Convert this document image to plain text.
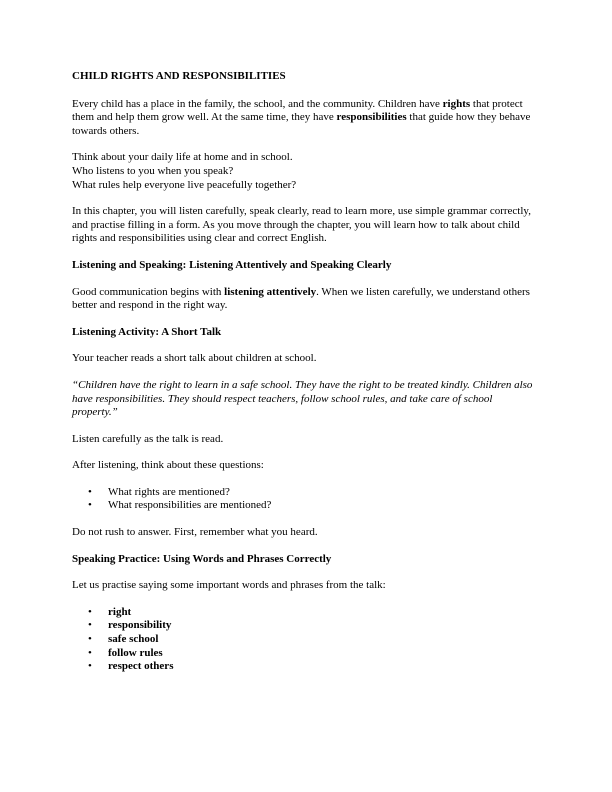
CHILD RIGHTS AND RESPONSIBILITIES

Every child has a place in the family, the school, and the community. Children have rights that protect them and help them grow well. At the same time, they have responsibilities that guide how they behave towards others.

Think about your daily life at home and in school.
Who listens to you when you speak?
What rules help everyone live peacefully together?

In this chapter, you will listen carefully, speak clearly, read to learn more, use simple grammar correctly, and practise filling in a form. As you move through the chapter, you will learn how to talk about child rights and responsibilities using clear and correct English.

Listening and Speaking: Listening Attentively and Speaking Clearly

Good communication begins with listening attentively. When we listen carefully, we understand others better and respond in the right way.

Listening Activity: A Short Talk

Your teacher reads a short talk about children at school.

“Children have the right to learn in a safe school. They have the right to be treated kindly. Children also have responsibilities. They should respect teachers, follow school rules, and take care of school property.”

Listen carefully as the talk is read.

After listening, think about these questions:

• What rights are mentioned?
• What responsibilities are mentioned?

Do not rush to answer. First, remember what you heard.

Speaking Practice: Using Words and Phrases Correctly

Let us practise saying some important words and phrases from the talk:

• right
• responsibility
• safe school
• follow rules
• respect others
